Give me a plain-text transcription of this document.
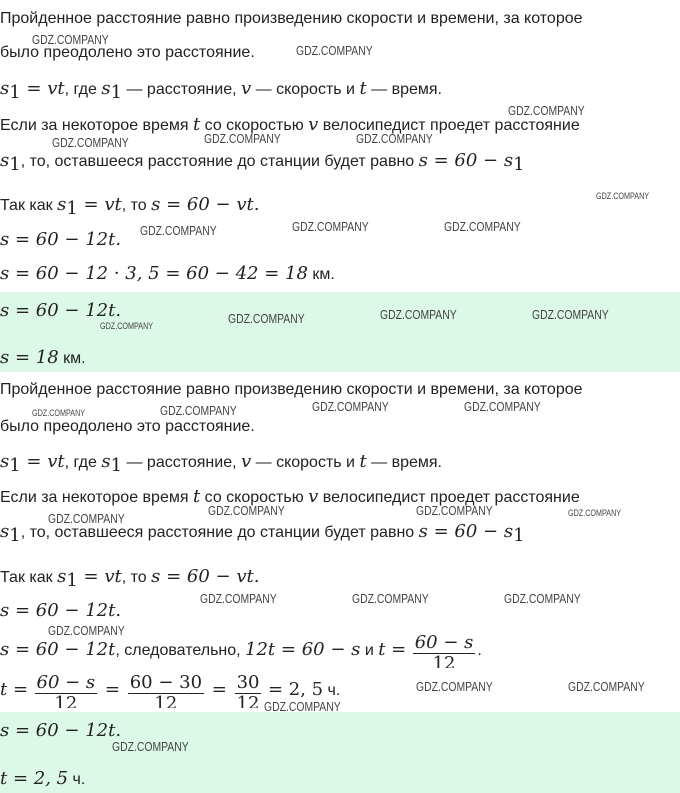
Пройденное расстояние равно произведению скорости и времени, за которое
было преодолено это расстояние.
$s_1$ = vt, где $s_1$ — расстояние, v — скорость и t — время.
Если за некоторое время t со скоростью v велосипедист проедет расстояние
$s_1$, то, оставшееся расстояние до станции будет равно $s = 60 - s_1$
Так как $s_1$ = vt, то s = 60 − vt.
s = 60 − 12t.
s = 60 − 12 · 3, 5 = 60 − 42 = 18 км.
s = 60 − 12t.
s = 18 км.
Пройденное расстояние равно произведению скорости и времени, за которое
было преодолено это расстояние.
$s_1$ = vt, где $s_1$ — расстояние, v — скорость и t — время.
Если за некоторое время t со скоростью v велосипедист проедет расстояние
$s_1$, то, оставшееся расстояние до станции будет равно $s = 60 - s_1$
Так как $s_1$ = vt, то s = 60 − vt.
s = 60 − 12t.
s = 60 − 12t, следовательно, 12t = 60 − s и $t = \frac{60 - s}{12}$ .
$t = \frac{60 - s}{12} = \frac{60 - 30}{12} = \frac{30}{12} = 2$, 5 ч.
s = 60 − 12t.
t = 2, 5 ч.
GDZ.COMPANY
GDZ.COMPANY
GDZ.COMPANY
GDZ.COMPANY	GDZ.COMPANY	GDZ.COMPANY
GDZ.COMPANY
GDZ.COMPANY	GDZ.COMPANY	GDZ.COMPANY
GDZ.COMPANY	GDZ.COMPANY	GDZ.COMPANY	GDZ.COMPANY
GDZ.COMPANY	GDZ.COMPANY	GDZ.COMPANY	GDZ.COMPANY
GDZ.COMPANY
GDZ.COMPANY	GDZ.COMPANY	GDZ.COMPANY
GDZ.COMPANY	GDZ.COMPANY	GDZ.COMPANY
GDZ.COMPANY
GDZ.COMPANY	GDZ.COMPANY
GDZ.COMPANY
GDZ.COMPANY
